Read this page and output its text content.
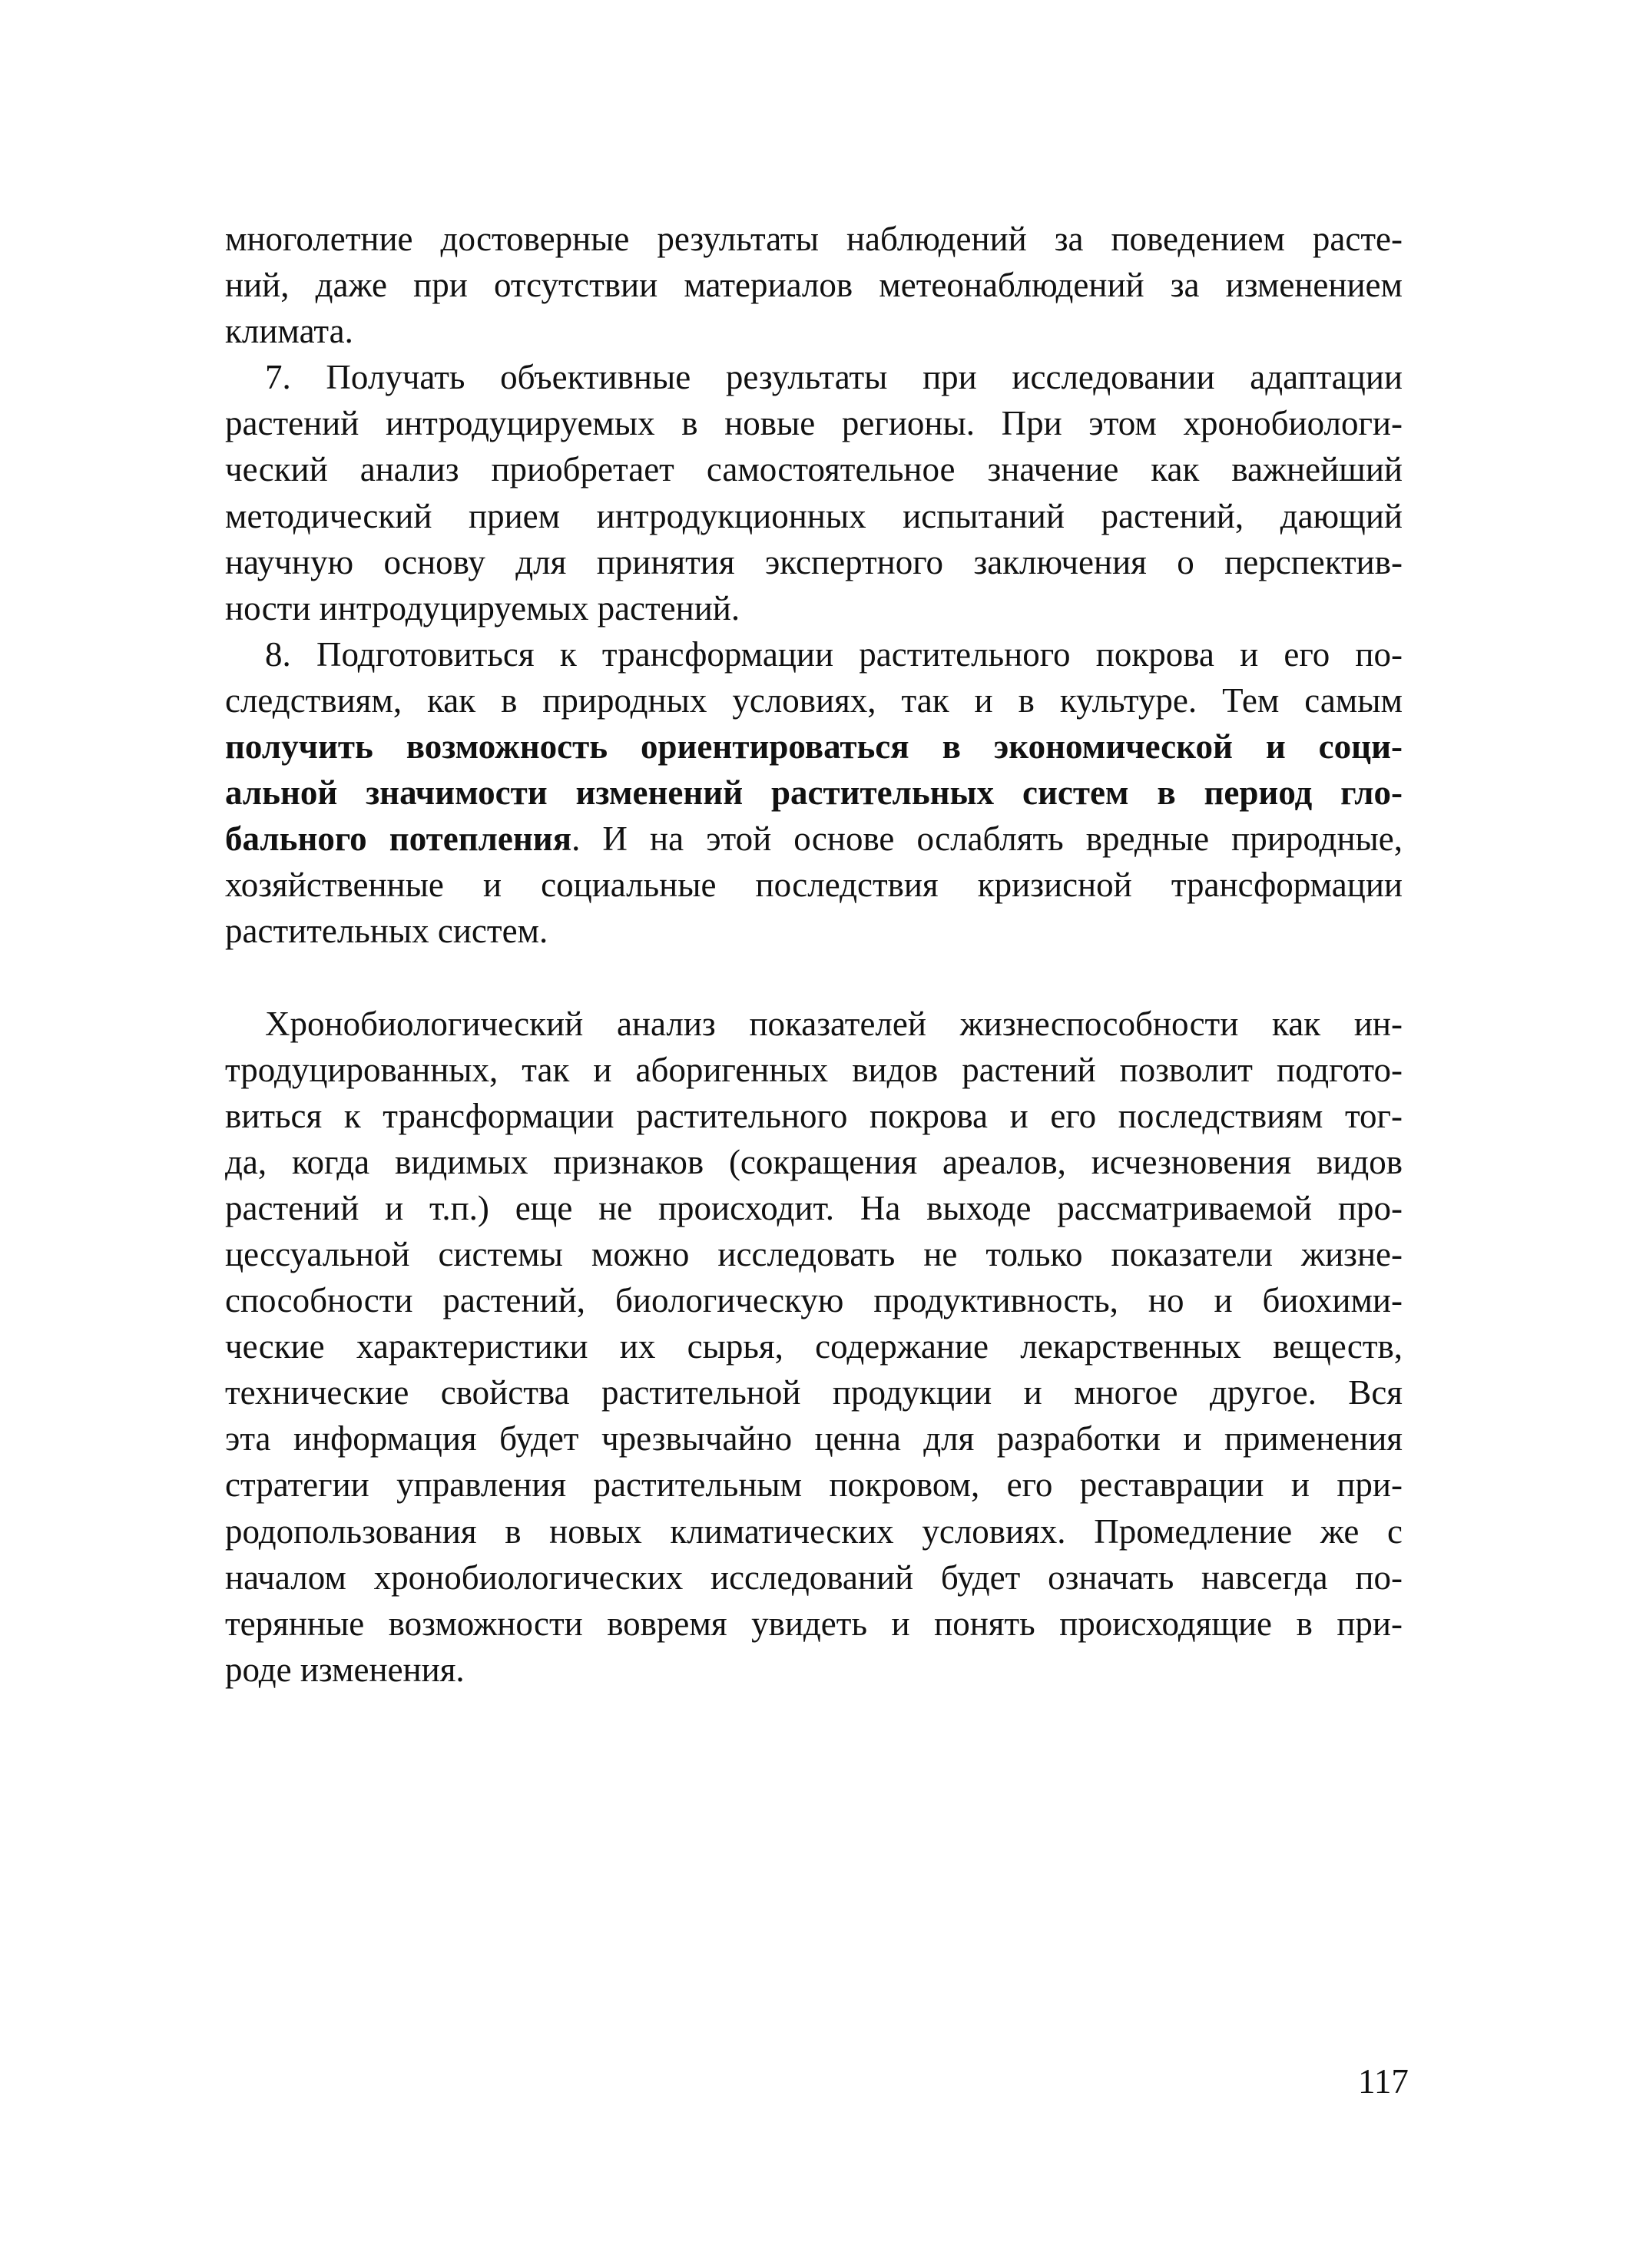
многолетние достоверные результаты наблюдений за поведением расте-
ний, даже при отсутствии материалов метеонаблюдений за изменением
климата.
7. Получать объективные результаты при исследовании адаптации
растений интродуцируемых в новые регионы. При этом хронобиологи-
ческий анализ приобретает самостоятельное значение как важнейший
методический прием интродукционных испытаний растений, дающий
научную основу для принятия экспертного заключения о перспектив-
ности интродуцируемых растений.
8. Подготовиться к трансформации растительного покрова и его по-
следствиям, как в природных условиях, так и в культуре. Тем самым
получить возможность ориентироваться в экономической и соци-
альной значимости изменений растительных систем в период гло-
бального потепления. И на этой основе ослаблять вредные природные,
хозяйственные и социальные последствия кризисной трансформации
растительных систем.
Хронобиологический анализ показателей жизнеспособности как ин-
тродуцированных, так и аборигенных видов растений позволит подгото-
виться к трансформации растительного покрова и его последствиям тог-
да, когда видимых признаков (сокращения ареалов, исчезновения видов
растений и т.п.) еще не происходит. На выходе рассматриваемой про-
цессуальной системы можно исследовать не только показатели жизне-
способности растений, биологическую продуктивность, но и биохими-
ческие характеристики их сырья, содержание лекарственных веществ,
технические свойства растительной продукции и многое другое. Вся
эта информация будет чрезвычайно ценна для разработки и применения
стратегии управления растительным покровом, его реставрации и при-
родопользования в новых климатических условиях. Промедление же с
началом хронобиологических исследований будет означать навсегда по-
терянные возможности вовремя увидеть и понять происходящие в при-
роде изменения.
117
